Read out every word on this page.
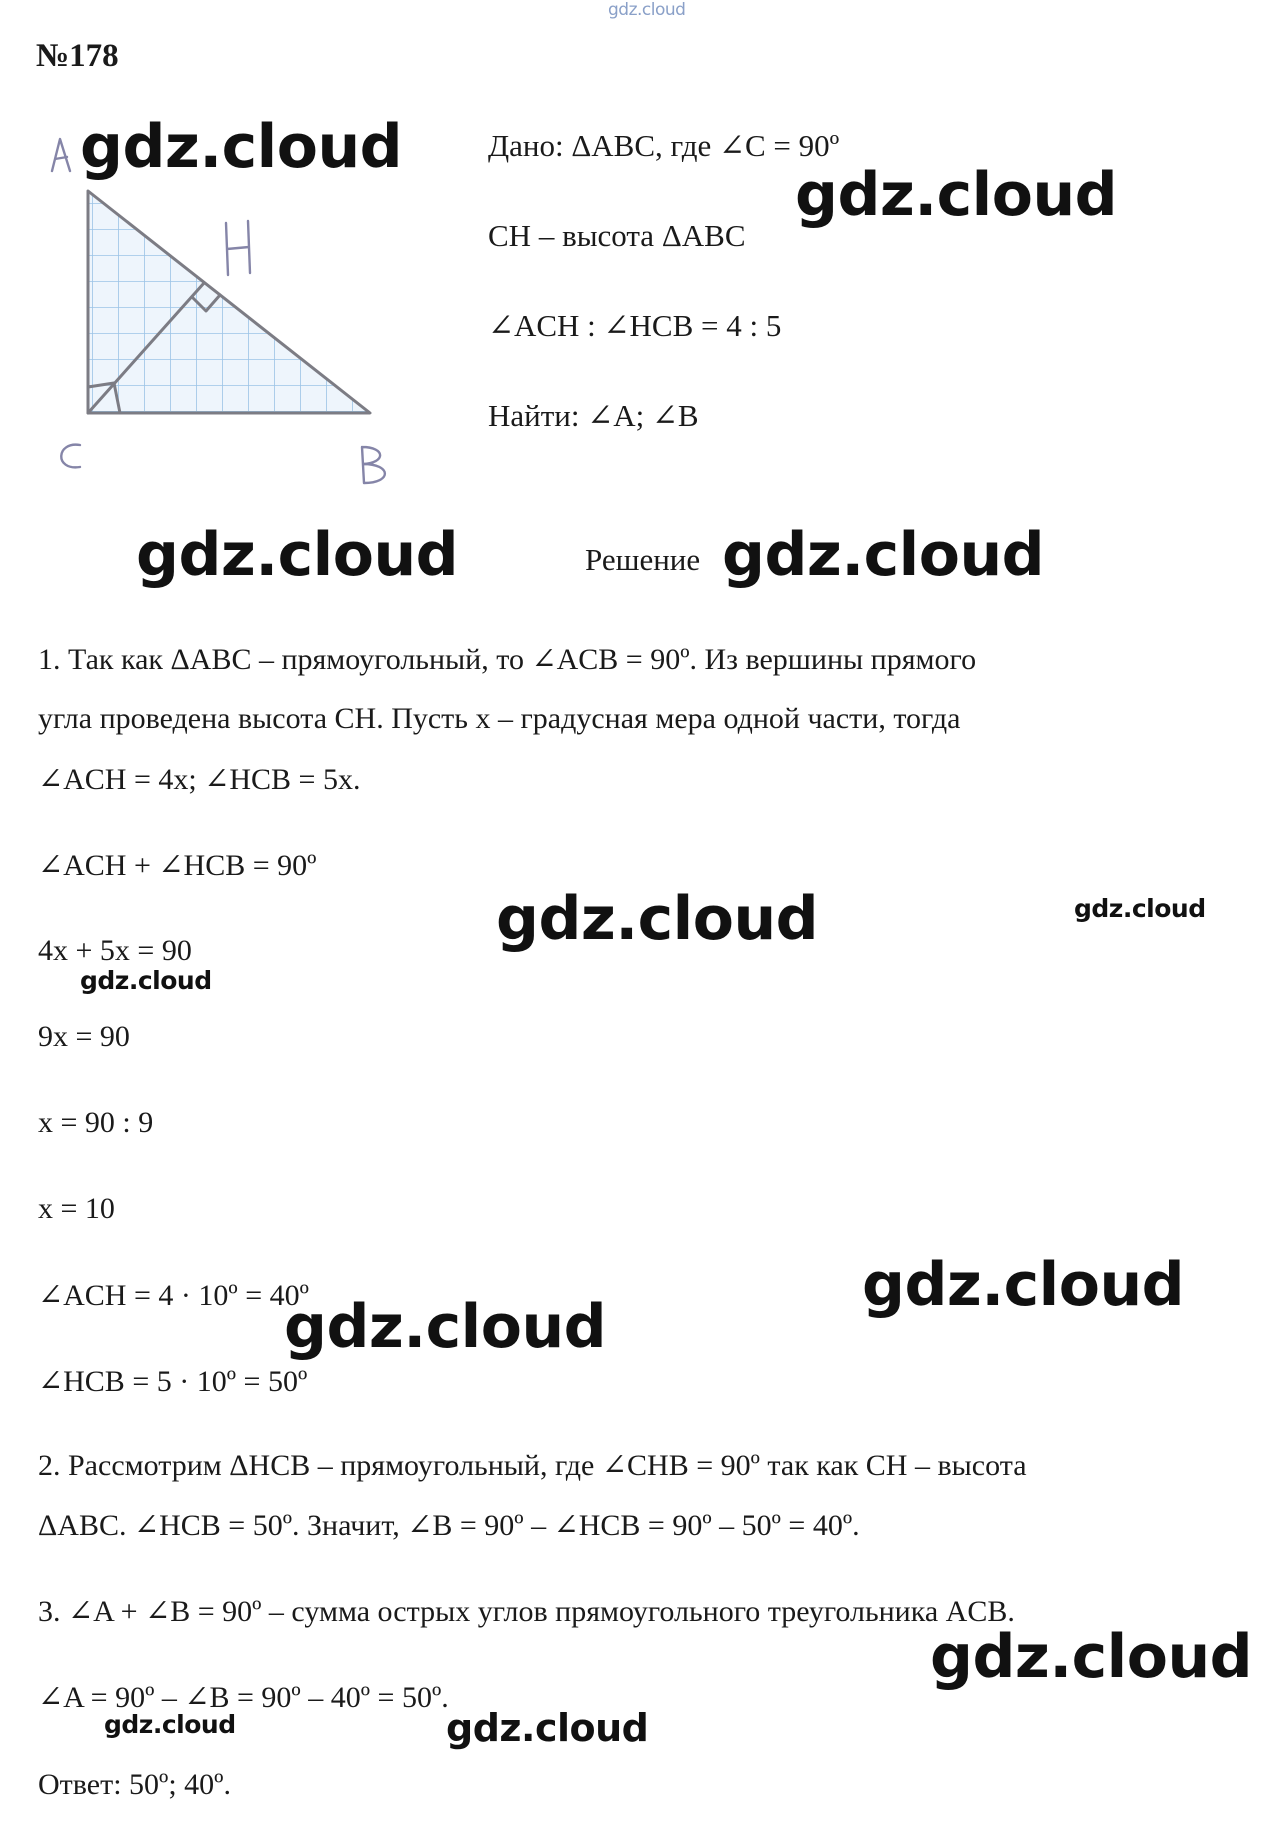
gdz.cloud
№178
gdz.cloud	Дано: ΔABC, где ∠C = 90º
gdz.cloud
CH – высота ΔABC
∠ACH : ∠HCB = 4 : 5
Найти: ∠A; ∠B
gdz.cloud	Решение gdz.cloud
1. Так как ΔABC – прямоугольный, то ∠ACB = 90º. Из вершины прямого
угла проведена высота CH. Пусть x – градусная мера одной части, тогда
∠ACH = 4x; ∠HCB = 5x.
∠ACH + ∠HCB = 90º
gdz.cloud	gdz.cloud
4x + 5x = 90
gdz.cloud
9x = 90
x = 90 : 9
x = 10
gdz.cloud
∠ACH = 4 · 10º = 40º
gdz.cloud
∠HCB = 5 · 10º = 50º
2. Рассмотрим ΔHCB – прямоугольный, где ∠CHB = 90º так как CH – высота
ΔABC. ∠HCB = 50º. Значит, ∠B = 90º – ∠HCB = 90º – 50º = 40º.
3. ∠A + ∠B = 90º – сумма острых углов прямоугольного треугольника ACB.
gdz.cloud
∠A = 90º – ∠B = 90º – 40º = 50º.
gdz.cloud	gdz.cloud
Ответ: 50º; 40º.
